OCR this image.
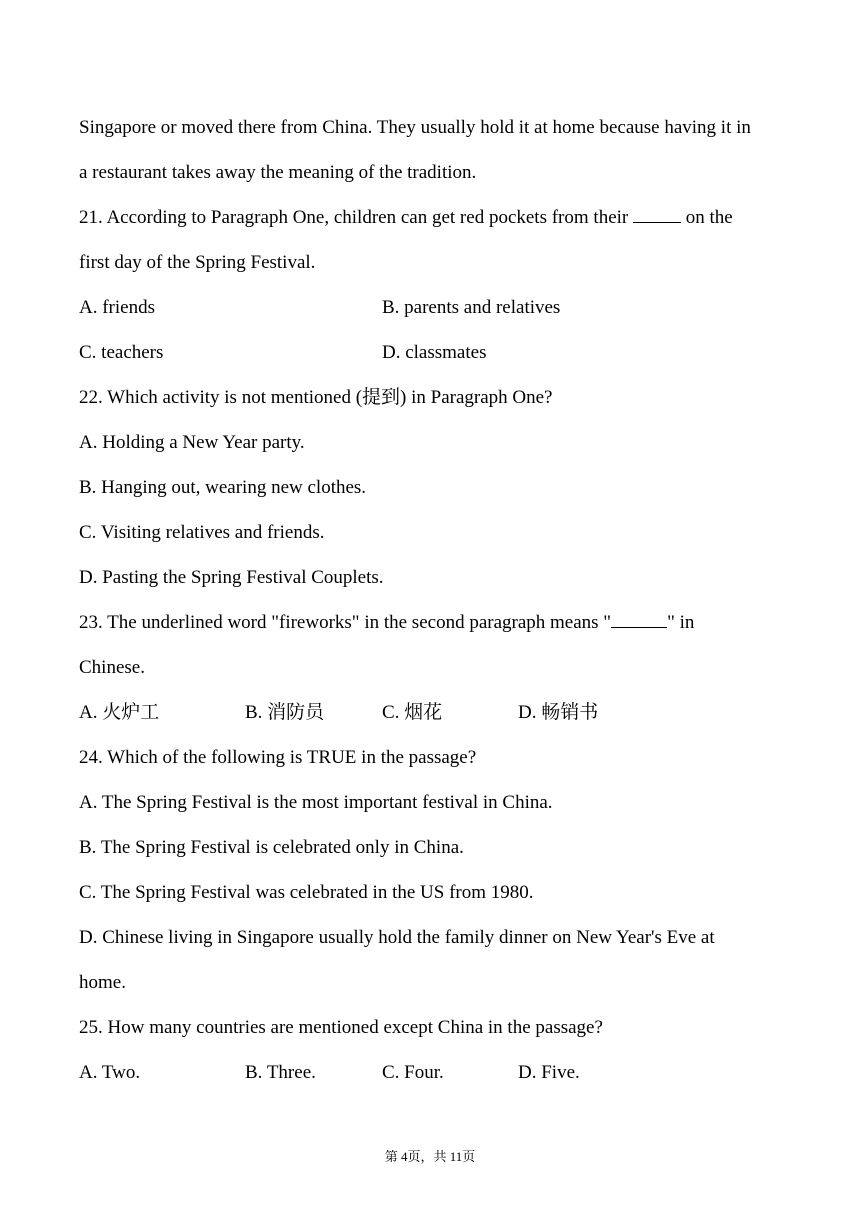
Singapore or moved there from China. They usually hold it at home because having it in
a restaurant takes away the meaning of the tradition.
21. According to Paragraph One, children can get red pockets from their	on the
first day of the Spring Festival.
A. friends	B. parents and relatives
C. teachers	D. classmates
22. Which activity is not mentioned (提到) in Paragraph One?
A. Holding a New Year party.
B. Hanging out, wearing new clothes.
C. Visiting relatives and friends.
D. Pasting the Spring Festival Couplets.
23. The underlined word "fireworks" in the second paragraph means "	" in
Chinese.
A. 火炉工	B. 消防员	C. 烟花	D. 畅销书
24. Which of the following is TRUE in the passage?
A. The Spring Festival is the most important festival in China.
B. The Spring Festival is celebrated only in China.
C. The Spring Festival was celebrated in the US from 1980.
D. Chinese living in Singapore usually hold the family dinner on New Year's Eve at
home.
25. How many countries are mentioned except China in the passage?
A. Two.	B. Three.	C. Four.	D. Five.
第 4页，共 11页
